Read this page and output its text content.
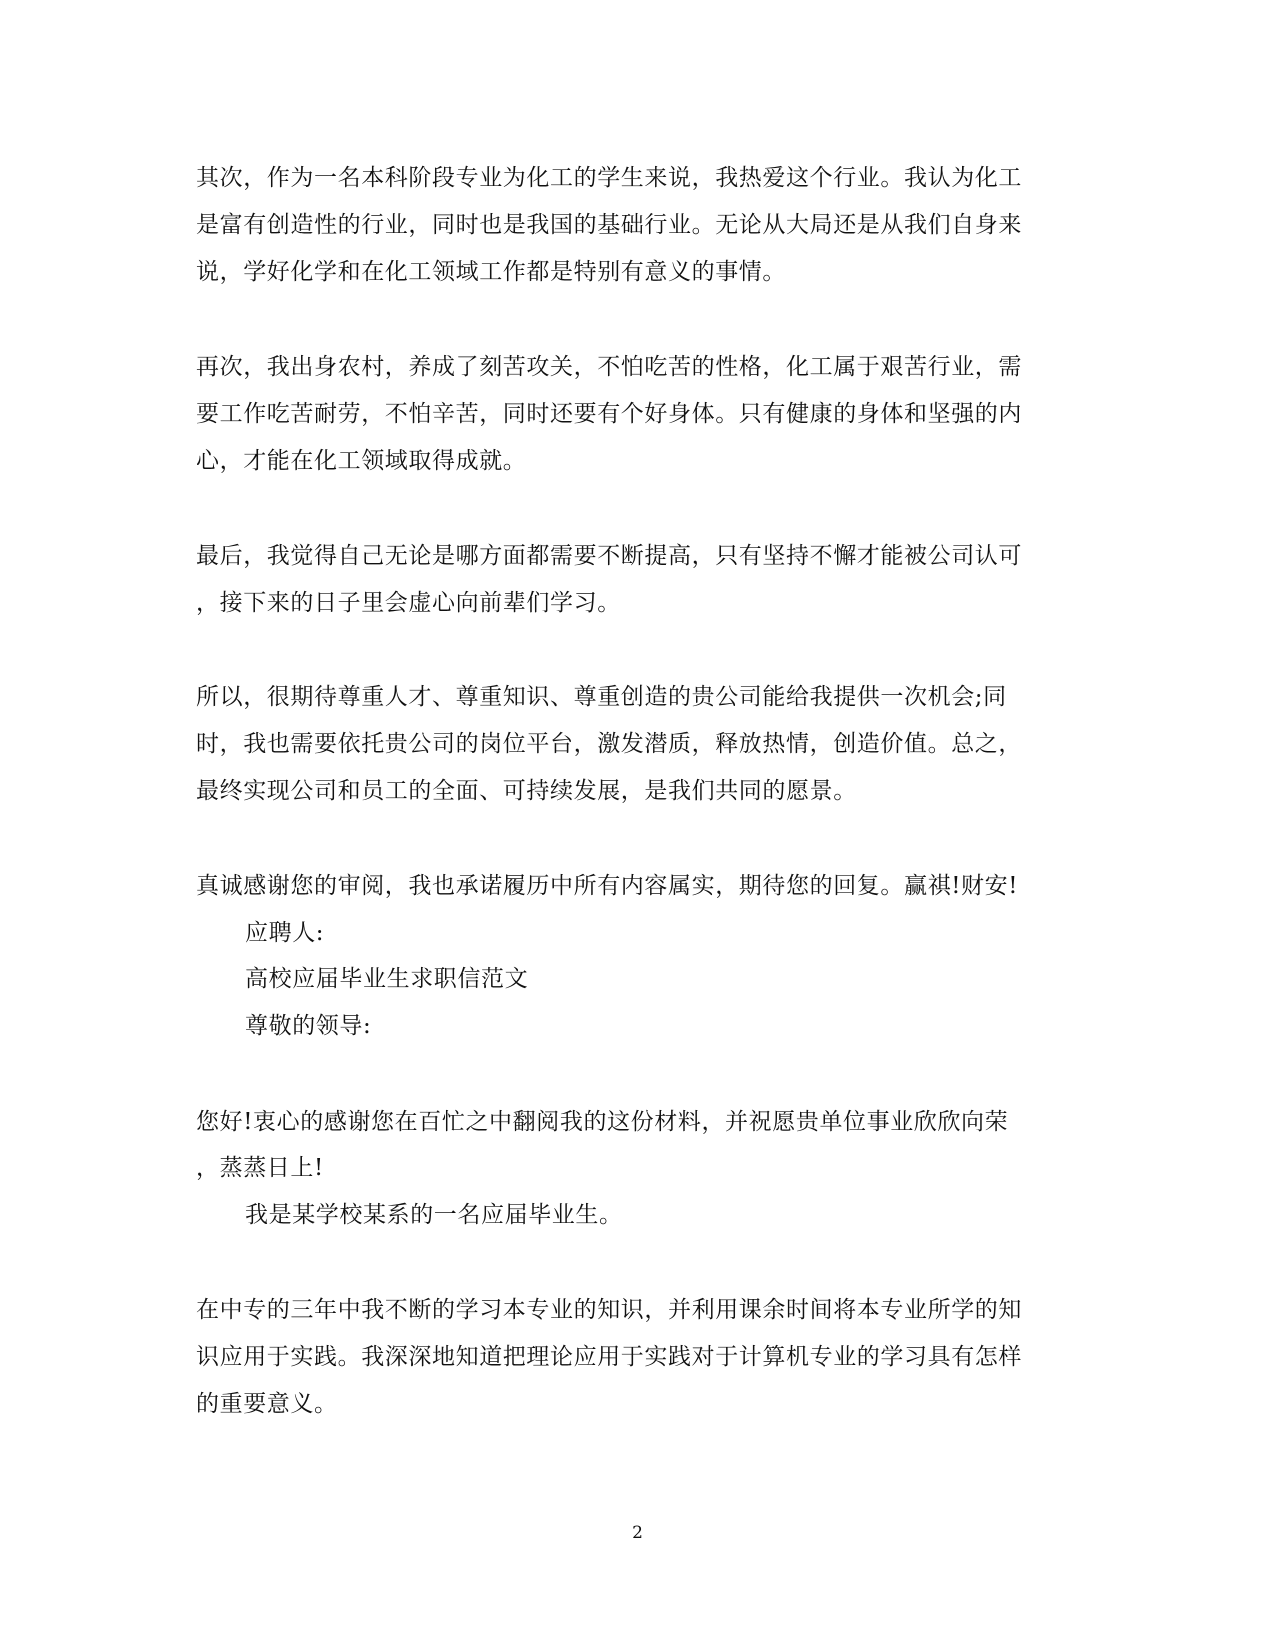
其次，作为一名本科阶段专业为化工的学生来说，我热爱这个行业。我认为化工
是富有创造性的行业，同时也是我国的基础行业。无论从大局还是从我们自身来
说，学好化学和在化工领域工作都是特别有意义的事情。
再次，我出身农村，养成了刻苦攻关，不怕吃苦的性格，化工属于艰苦行业，需
要工作吃苦耐劳，不怕辛苦，同时还要有个好身体。只有健康的身体和坚强的内
心，才能在化工领域取得成就。
最后，我觉得自己无论是哪方面都需要不断提高，只有坚持不懈才能被公司认可
，接下来的日子里会虚心向前辈们学习。
所以，很期待尊重人才、尊重知识、尊重创造的贵公司能给我提供一次机会;同
时，我也需要依托贵公司的岗位平台，激发潜质，释放热情，创造价值。总之，
最终实现公司和员工的全面、可持续发展，是我们共同的愿景。
真诚感谢您的审阅，我也承诺履历中所有内容属实，期待您的回复。赢祺!财安!
应聘人:
高校应届毕业生求职信范文
尊敬的领导:
您好!衷心的感谢您在百忙之中翻阅我的这份材料，并祝愿贵单位事业欣欣向荣
，蒸蒸日上!
我是某学校某系的一名应届毕业生。
在中专的三年中我不断的学习本专业的知识，并利用课余时间将本专业所学的知
识应用于实践。我深深地知道把理论应用于实践对于计算机专业的学习具有怎样
的重要意义。
2
